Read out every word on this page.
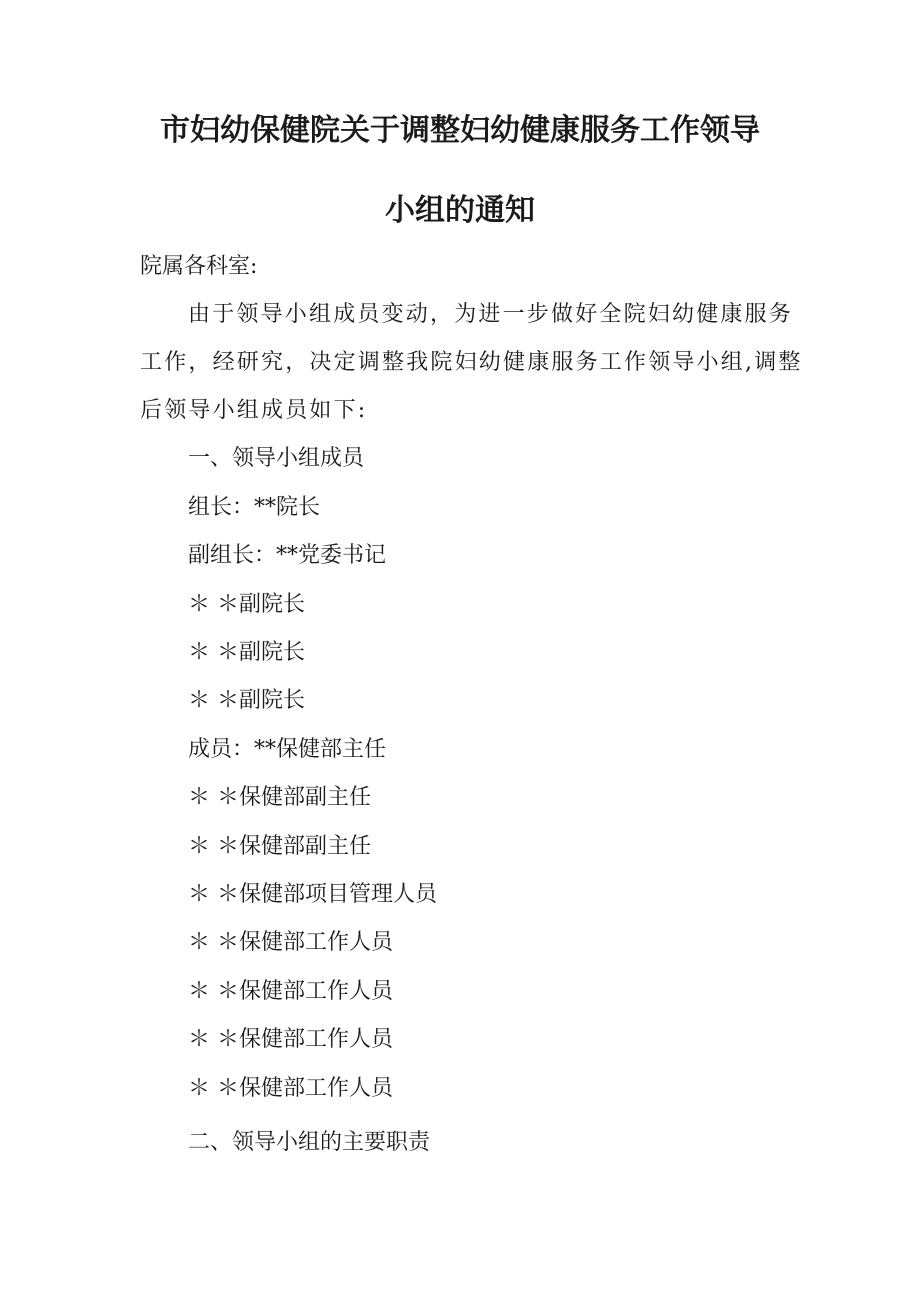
市妇幼保健院关于调整妇幼健康服务工作领导
小组的通知

院属各科室:

由于领导小组成员变动，为进一步做好全院妇幼健康服务

工作，经研究，决定调整我院妇幼健康服务工作领导小组,调整

后领导小组成员如下:

一、领导小组成员

组长：**院长

副组长：**党委书记

＊ ＊副院长

＊ ＊副院长

＊ ＊副院长

成员：**保健部主任

＊ ＊保健部副主任

＊ ＊保健部副主任

＊ ＊保健部项目管理人员

＊ ＊保健部工作人员

＊ ＊保健部工作人员

＊ ＊保健部工作人员

＊ ＊保健部工作人员

二、领导小组的主要职责
